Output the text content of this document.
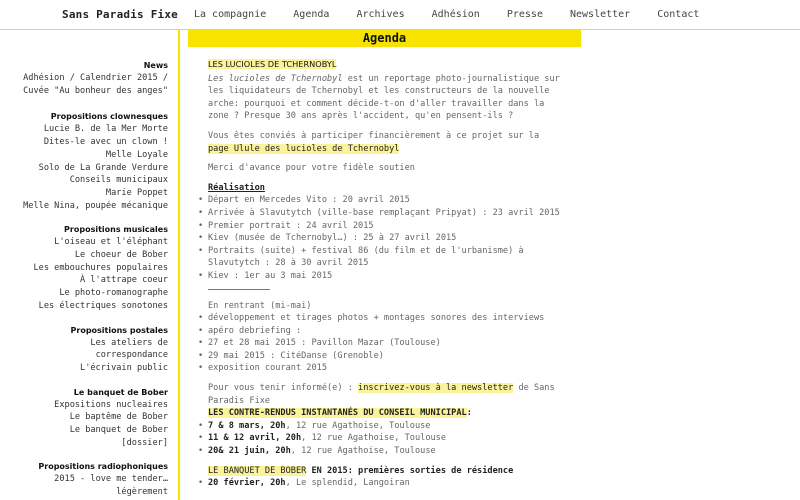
Sans Paradis Fixe La compagnie	Agenda	Archives	Adhésion	Presse	Newsletter	Contact
News
Adhésion / Calendrier 2015 /
Cuvée "Au bonheur des anges"
Propositions clownesques
Lucie B. de la Mer Morte
Dites-le avec un clown !
Melle Loyale
Solo de La Grande Verdure
Conseils municipaux
Marie Poppet
Melle Nina, poupée mécanique
Propositions musicales
L'oiseau et l'éléphant
Le choeur de Bober
Les embouchures populaires
À l'attrape coeur
Le photo-romanographe
Les électriques sonotones
Propositions postales
Les ateliers de
correspondance
L'écrivain public
Le banquet de Bober
Expositions nucleaires
Le baptême de Bober
Le banquet de Bober
[dossier]
Propositions radiophoniques
2015 - love me tender…
légèrement
Agenda
LES LUCIOLES DE TCHERNOBYL
Les lucioles de Tchernobyl est un reportage photo-journalistique sur les liquidateurs de Tchernobyl et les constructeurs de la nouvelle arche: pourquoi et comment décide-t-on d'aller travailler dans la zone ? Presque 30 ans après l'accident, qu'en pensent-ils ?
Vous êtes conviés à participer financièrement à ce projet sur la page Ulule des lucioles de Tchernobyl
Merci d'avance pour votre fidèle soutien
Réalisation
• Départ en Mercedes Vito : 20 avril 2015
• Arrivée à Slavutytch (ville-base remplaçant Pripyat) : 23 avril 2015
• Premier portrait : 24 avril 2015
• Kiev (musée de Tchernobyl…) : 25 à 27 avril 2015
• Portraits (suite) + festival 86 (du film et de l'urbanisme) à Slavutytch : 28 à 30 avril 2015
• Kiev : 1er au 3 mai 2015
En rentrant (mi-mai)
• développement et tirages photos + montages sonores des interviews
• apéro debriefing :
• 27 et 28 mai 2015 : Pavillon Mazar (Toulouse)
• 29 mai 2015 : CitéDanse (Grenoble)
• exposition courant 2015
Pour vous tenir informé(e) : inscrivez-vous à la newsletter de Sans Paradis Fixe
LES CONTRE-RENDUS INSTANTANÉS DU CONSEIL MUNICIPAL:
• 7 & 8 mars, 20h, 12 rue Agathoise, Toulouse
• 11 & 12 avril, 20h, 12 rue Agathoise, Toulouse
• 20& 21 juin, 20h, 12 rue Agathoise, Toulouse
LE BANQUET DE BOBER EN 2015: premières sorties de résidence
• 20 février, 20h, Le splendid, Langoiran
